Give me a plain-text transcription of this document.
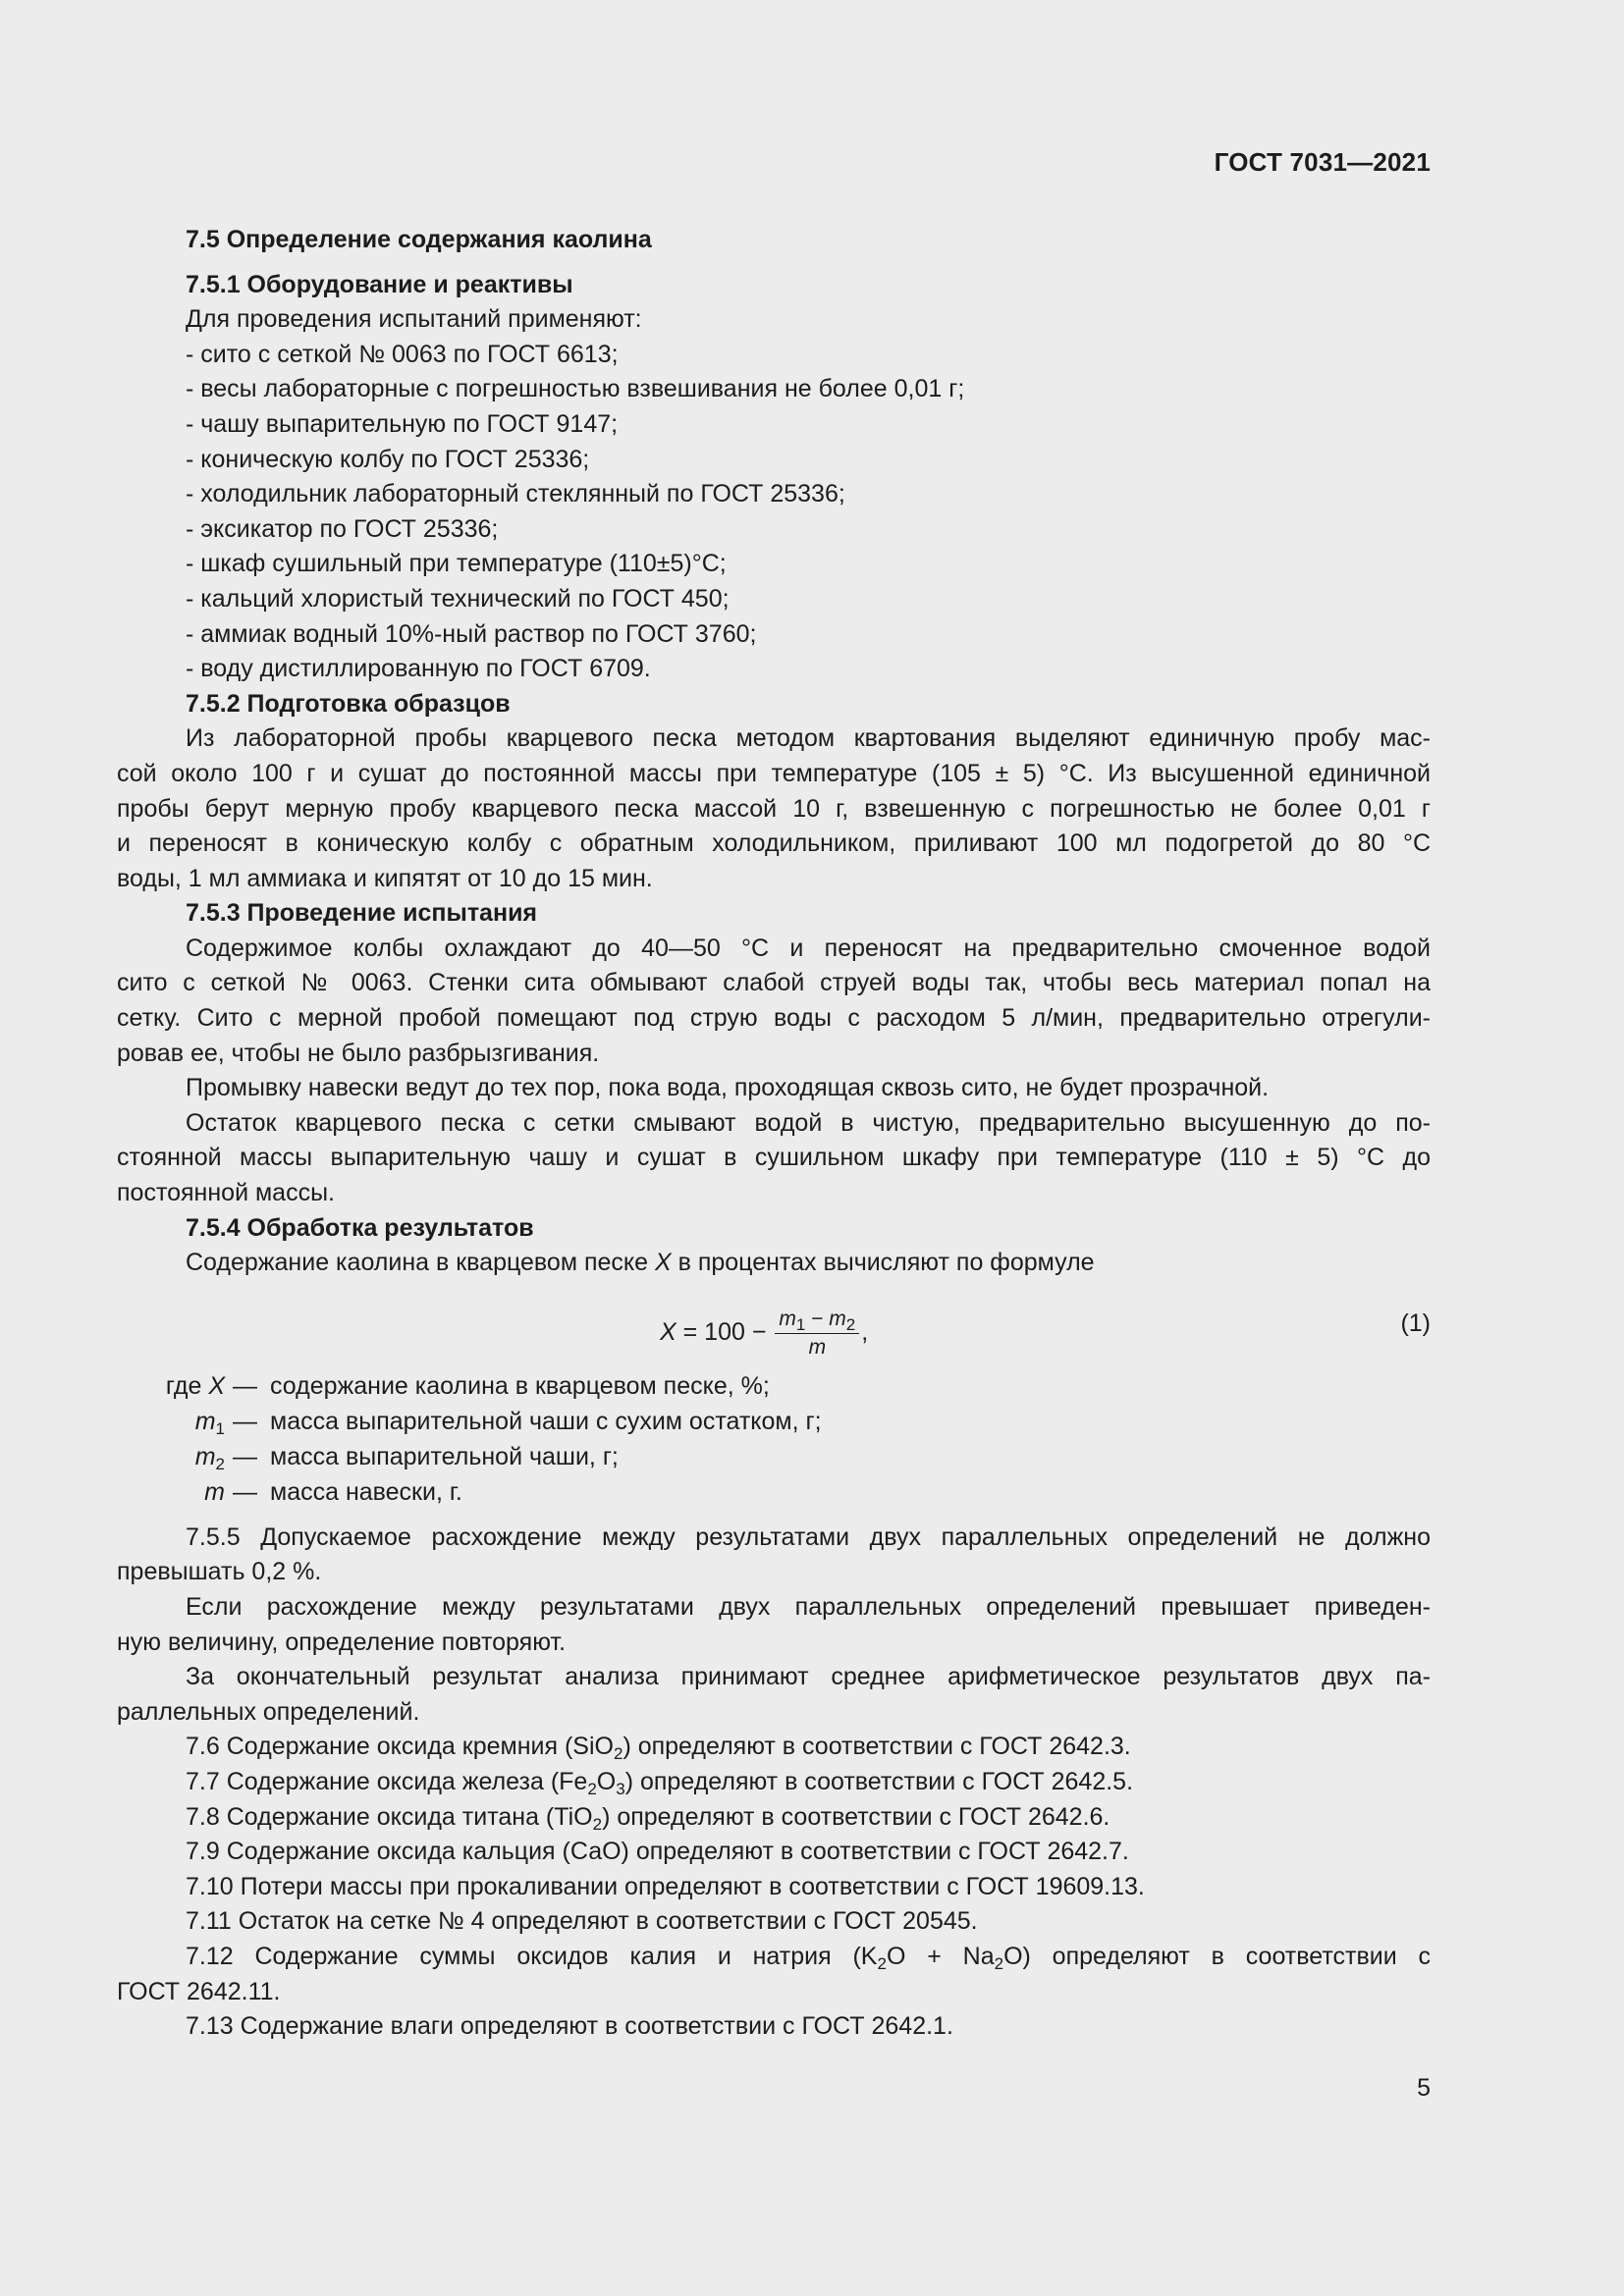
ГОСТ 7031—2021
7.5 Определение содержания каолина
7.5.1 Оборудование и реактивы
Для проведения испытаний применяют:
- сито с сеткой № 0063 по ГОСТ 6613;
- весы лабораторные с погрешностью взвешивания не более 0,01 г;
- чашу выпарительную по ГОСТ 9147;
- коническую колбу по ГОСТ 25336;
- холодильник лабораторный стеклянный по ГОСТ 25336;
- эксикатор по ГОСТ 25336;
- шкаф сушильный при температуре (110±5)°С;
- кальций хлористый технический по ГОСТ 450;
- аммиак водный 10%-ный раствор по ГОСТ 3760;
- воду дистиллированную по ГОСТ 6709.
7.5.2 Подготовка образцов
Из лабораторной пробы кварцевого песка методом квартования выделяют единичную пробу мас-
сой около 100 г и сушат до постоянной массы при температуре (105 ± 5) °С. Из высушенной единичной
пробы берут мерную пробу кварцевого песка массой 10 г, взвешенную с погрешностью не более 0,01 г
и переносят в коническую колбу с обратным холодильником, приливают 100 мл подогретой до 80 °С
воды, 1 мл аммиака и кипятят от 10 до 15 мин.
7.5.3 Проведение испытания
Содержимое колбы охлаждают до 40—50 °С и переносят на предварительно смоченное водой
сито с сеткой № 0063. Стенки сита обмывают слабой струей воды так, чтобы весь материал попал на
сетку. Сито с мерной пробой помещают под струю воды с расходом 5 л/мин, предварительно отрегули-
ровав ее, чтобы не было разбрызгивания.
Промывку навески ведут до тех пор, пока вода, проходящая сквозь сито, не будет прозрачной.
Остаток кварцевого песка с сетки смывают водой в чистую, предварительно высушенную до по-
стоянной массы выпарительную чашу и сушат в сушильном шкафу при температуре (110 ± 5) °С до
постоянной массы.
7.5.4 Обработка результатов
Содержание каолина в кварцевом песке X в процентах вычисляют по формуле
$X = 100 - \frac{m_1 - m_2}{m}$ ,	(1)
где X — содержание каолина в кварцевом песке, %;
$m_1$ — масса выпарительной чаши с сухим остатком, г;
$m_2$ — масса выпарительной чаши, г;
m — масса навески, г.
7.5.5 Допускаемое расхождение между результатами двух параллельных определений не должно
превышать 0,2 %.
Если расхождение между результатами двух параллельных определений превышает приведен-
ную величину, определение повторяют.
За окончательный результат анализа принимают среднее арифметическое результатов двух па-
раллельных определений.
7.6 Содержание оксида кремния (SiO$_2$) определяют в соответствии с ГОСТ 2642.3.
7.7 Содержание оксида железа $(Fe_2O_3)$ определяют в соответствии с ГОСТ 2642.5.
7.8 Содержание оксида титана (TiO$_2$) определяют в соответствии с ГОСТ 2642.6.
7.9 Содержание оксида кальция (СаО) определяют в соответствии с ГОСТ 2642.7.
7.10 Потери массы при прокаливании определяют в соответствии с ГОСТ 19609.13.
7.11 Остаток на сетке № 4 определяют в соответствии с ГОСТ 20545.
7.12 Содержание суммы оксидов калия и натрия $(K_2O + Na_2O)$ определяют в соответствии с
ГОСТ 2642.11.
7.13 Содержание влаги определяют в соответствии с ГОСТ 2642.1.
5
